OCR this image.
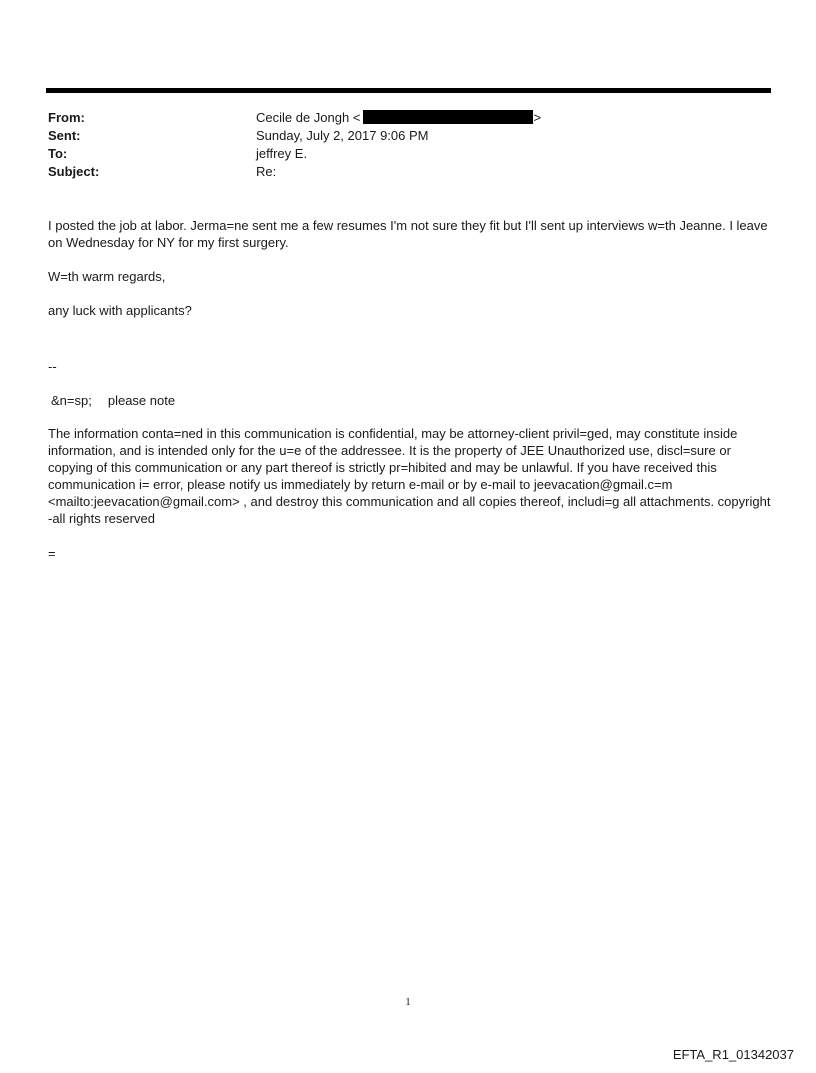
From:	Cecile de Jongh <	>
Sent:	Sunday, July 2, 2017 9:06 PM
To:	jeffrey E.
Subject:	Re:

I posted the job at labor. Jerma=ne sent me a few resumes I'm not sure they fit but I'll sent up interviews w=th Jeanne. I leave on Wednesday for NY for my first surgery.

W=th warm regards,

any luck with applicants?

--

&n=sp; please note

The information conta=ned in this communication is confidential, may be attorney-client privil=ged, may constitute inside information, and is intended only for the u=e of the addressee. It is the property of JEE Unauthorized use, discl=sure or copying of this communication or any part thereof is strictly pr=hibited and may be unlawful. If you have received this communication i= error, please notify us immediately by return e-mail or by e-mail to jeevacation@gmail.c=m <mailto:jeevacation@gmail.com> , and destroy this communication and all copies thereof, includi=g all attachments. copyright -all rights reserved

=

1
EFTA_R1_01342037
